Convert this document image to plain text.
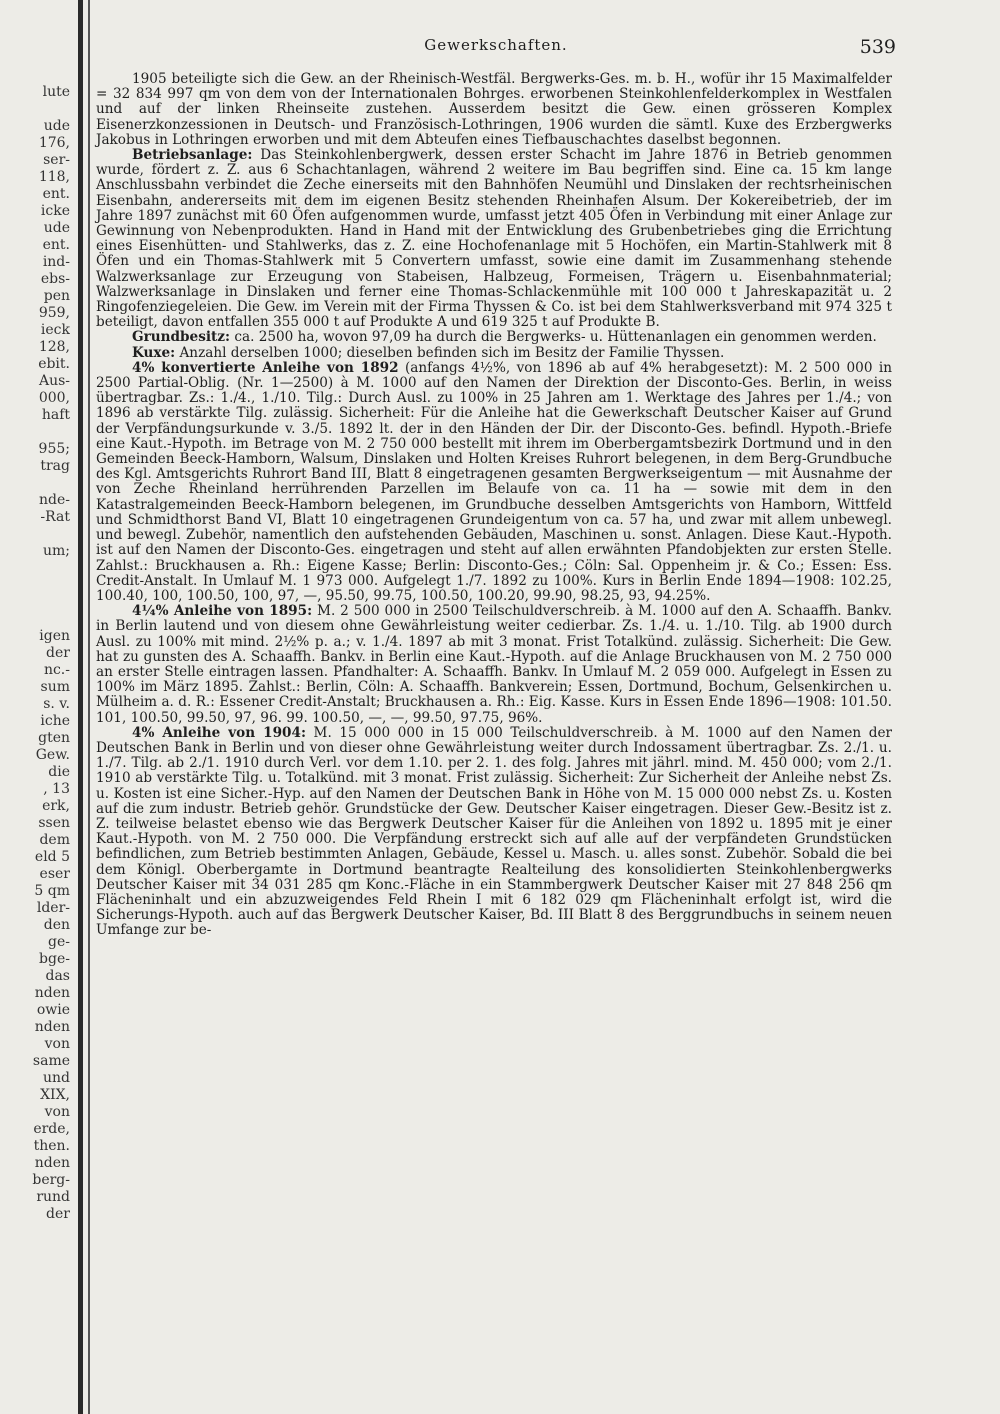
lute

ude
176,
ser-
118,
ent.
icke
ude
ent.
ind-
ebs-
pen
959,
ieck
128,
ebit.
Aus-
000,
haft

955;
trag

nde-
-Rat

um;

igen
der
nc.-
sum
s. v.
iche
gten
Gew.
die
, 13
erk,
ssen
dem
eld 5
eser
5 qm
lder-
den
ge-
bge-
das
nden
owie
nden
von
same
und
XIX,
von
erde,
then.
nden
berg-
rund
der
Gewerkschaften.	539

1905 beteiligte sich die Gew. an der Rheinisch-Westfäl. Bergwerks-Ges. m. b. H., wofür ihr 15 Maximalfelder = 32 834 997 qm von dem von der Internationalen Bohrges. erworbenen Steinkohlenfelderkomplex in Westfalen und auf der linken Rheinseite zustehen. Ausserdem besitzt die Gew. einen grösseren Komplex Eisenerzkonzessionen in Deutsch- und Französisch-Lothringen, 1906 wurden die sämtl. Kuxe des Erzbergwerks Jakobus in Lothringen erworben und mit dem Abteufen eines Tiefbauschachtes daselbst begonnen.

Betriebsanlage: Das Steinkohlenbergwerk, dessen erster Schacht im Jahre 1876 in Betrieb genommen wurde, fördert z. Z. aus 6 Schachtanlagen, während 2 weitere im Bau begriffen sind. Eine ca. 15 km lange Anschlussbahn verbindet die Zeche einerseits mit den Bahnhöfen Neumühl und Dinslaken der rechtsrheinischen Eisenbahn, andererseits mit dem im eigenen Besitz stehenden Rheinhafen Alsum. Der Kokereibetrieb, der im Jahre 1897 zunächst mit 60 Öfen aufgenommen wurde, umfasst jetzt 405 Öfen in Verbindung mit einer Anlage zur Gewinnung von Nebenprodukten. Hand in Hand mit der Entwicklung des Grubenbetriebes ging die Errichtung eines Eisenhütten- und Stahlwerks, das z. Z. eine Hochofenanlage mit 5 Hochöfen, ein Martin-Stahlwerk mit 8 Öfen und ein Thomas-Stahlwerk mit 5 Convertern umfasst, sowie eine damit im Zusammenhang stehende Walzwerksanlage zur Erzeugung von Stabeisen, Halbzeug, Formeisen, Trägern u. Eisenbahnmaterial; Walzwerksanlage in Dinslaken und ferner eine Thomas-Schlackenmühle mit 100 000 t Jahreskapazität u. 2 Ringofenziegeleien. Die Gew. im Verein mit der Firma Thyssen & Co. ist bei dem Stahlwerksverband mit 974 325 t beteiligt, davon entfallen 355 000 t auf Produkte A und 619 325 t auf Produkte B.

Grundbesitz: ca. 2500 ha, wovon 97,09 ha durch die Bergwerks- u. Hüttenanlagen ein genommen werden.

Kuxe: Anzahl derselben 1000; dieselben befinden sich im Besitz der Familie Thyssen.

4% konvertierte Anleihe von 1892 (anfangs 4½%, von 1896 ab auf 4% herabgesetzt): M. 2 500 000 in 2500 Partial-Oblig. (Nr. 1—2500) à M. 1000 auf den Namen der Direktion der Disconto-Ges. Berlin, in weiss übertragbar. Zs.: 1./4., 1./10. Tilg.: Durch Ausl. zu 100% in 25 Jahren am 1. Werktage des Jahres per 1./4.; von 1896 ab verstärkte Tilg. zulässig. Sicherheit: Für die Anleihe hat die Gewerkschaft Deutscher Kaiser auf Grund der Verpfändungsurkunde v. 3./5. 1892 lt. der in den Händen der Dir. der Disconto-Ges. befindl. Hypoth.-Briefe eine Kaut.-Hypoth. im Betrage von M. 2 750 000 bestellt mit ihrem im Oberbergamtsbezirk Dortmund und in den Gemeinden Beeck-Hamborn, Walsum, Dinslaken und Holten Kreises Ruhrort belegenen, in dem Berg-Grundbuche des Kgl. Amtsgerichts Ruhrort Band III, Blatt 8 eingetragenen gesamten Bergwerkseigentum — mit Ausnahme der von Zeche Rheinland herrührenden Parzellen im Belaufe von ca. 11 ha — sowie mit dem in den Katastralgemeinden Beeck-Hamborn belegenen, im Grundbuche desselben Amtsgerichts von Hamborn, Wittfeld und Schmidthorst Band VI, Blatt 10 eingetragenen Grundeigentum von ca. 57 ha, und zwar mit allem unbewegl. und bewegl. Zubehör, namentlich den aufstehenden Gebäuden, Maschinen u. sonst. Anlagen. Diese Kaut.-Hypoth. ist auf den Namen der Disconto-Ges. eingetragen und steht auf allen erwähnten Pfandobjekten zur ersten Stelle. Zahlst.: Bruckhausen a. Rh.: Eigene Kasse; Berlin: Disconto-Ges.; Cöln: Sal. Oppenheim jr. & Co.; Essen: Ess. Credit-Anstalt. In Umlauf M. 1 973 000. Aufgelegt 1./7. 1892 zu 100%. Kurs in Berlin Ende 1894—1908: 102.25, 100.40, 100, 100.50, 100, 97, —, 95.50, 99.75, 100.50, 100.20, 99.90, 98.25, 93, 94.25%.

4¼% Anleihe von 1895: M. 2 500 000 in 2500 Teilschuldverschreib. à M. 1000 auf den A. Schaaffh. Bankv. in Berlin lautend und von diesem ohne Gewährleistung weiter cedierbar. Zs. 1./4. u. 1./10. Tilg. ab 1900 durch Ausl. zu 100% mit mind. 2½% p. a.; v. 1./4. 1897 ab mit 3 monat. Frist Totalkünd. zulässig. Sicherheit: Die Gew. hat zu gunsten des A. Schaaffh. Bankv. in Berlin eine Kaut.-Hypoth. auf die Anlage Bruckhausen von M. 2 750 000 an erster Stelle eintragen lassen. Pfandhalter: A. Schaaffh. Bankv. In Umlauf M. 2 059 000. Aufgelegt in Essen zu 100% im März 1895. Zahlst.: Berlin, Cöln: A. Schaaffh. Bankverein; Essen, Dortmund, Bochum, Gelsenkirchen u. Mülheim a. d. R.: Essener Credit-Anstalt; Bruckhausen a. Rh.: Eig. Kasse. Kurs in Essen Ende 1896—1908: 101.50. 101, 100.50, 99.50, 97, 96. 99. 100.50, —, —, 99.50, 97.75, 96%.

4% Anleihe von 1904: M. 15 000 000 in 15 000 Teilschuldverschreib. à M. 1000 auf den Namen der Deutschen Bank in Berlin und von dieser ohne Gewährleistung weiter durch Indossament übertragbar. Zs. 2./1. u. 1./7. Tilg. ab 2./1. 1910 durch Verl. vor dem 1.10. per 2. 1. des folg. Jahres mit jährl. mind. M. 450 000; vom 2./1. 1910 ab verstärkte Tilg. u. Totalkünd. mit 3 monat. Frist zulässig. Sicherheit: Zur Sicherheit der Anleihe nebst Zs. u. Kosten ist eine Sicher.-Hyp. auf den Namen der Deutschen Bank in Höhe von M. 15 000 000 nebst Zs. u. Kosten auf die zum industr. Betrieb gehör. Grundstücke der Gew. Deutscher Kaiser eingetragen. Dieser Gew.-Besitz ist z. Z. teilweise belastet ebenso wie das Bergwerk Deutscher Kaiser für die Anleihen von 1892 u. 1895 mit je einer Kaut.-Hypoth. von M. 2 750 000. Die Verpfändung erstreckt sich auf alle auf der verpfändeten Grundstücken befindlichen, zum Betrieb bestimmten Anlagen, Gebäude, Kessel u. Masch. u. alles sonst. Zubehör. Sobald die bei dem Königl. Oberbergamte in Dortmund beantragte Realteilung des konsolidierten Steinkohlenbergwerks Deutscher Kaiser mit 34 031 285 qm Konc.-Fläche in ein Stammbergwerk Deutscher Kaiser mit 27 848 256 qm Flächeninhalt und ein abzuzweigendes Feld Rhein I mit 6 182 029 qm Flächeninhalt erfolgt ist, wird die Sicherungs-Hypoth. auch auf das Bergwerk Deutscher Kaiser, Bd. III Blatt 8 des Berggrundbuchs in seinem neuen Umfange zur be-
